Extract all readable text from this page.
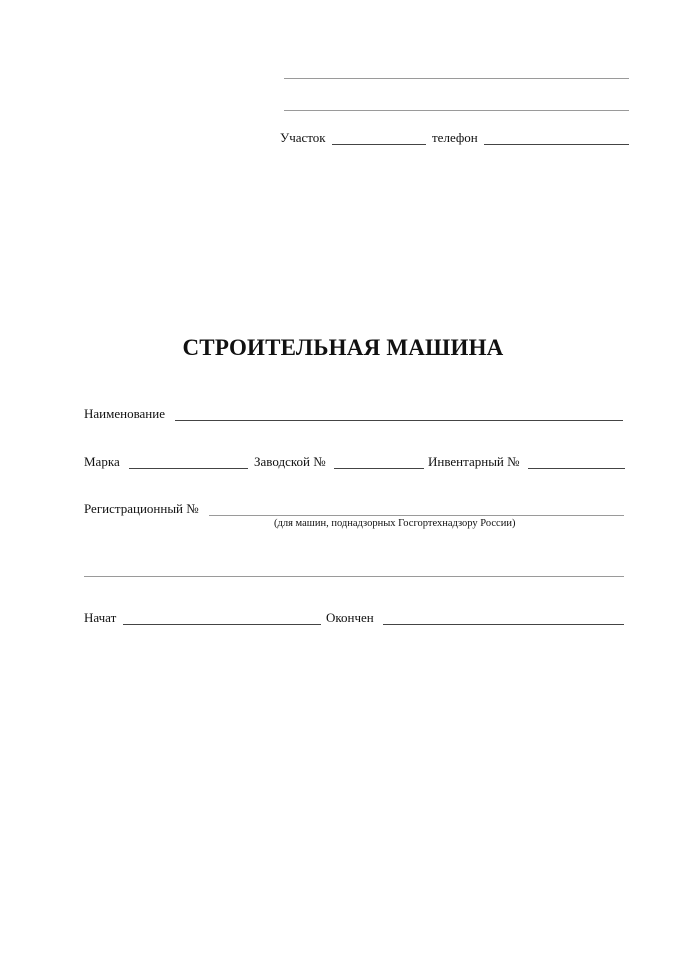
Участок	телефон
СТРОИТЕЛЬНАЯ МАШИНА
Наименование
Марка	Заводской №	Инвентарный №
Регистрационный №
(для машин, поднадзорных Госгортехнадзору России)
Начат	Окончен
